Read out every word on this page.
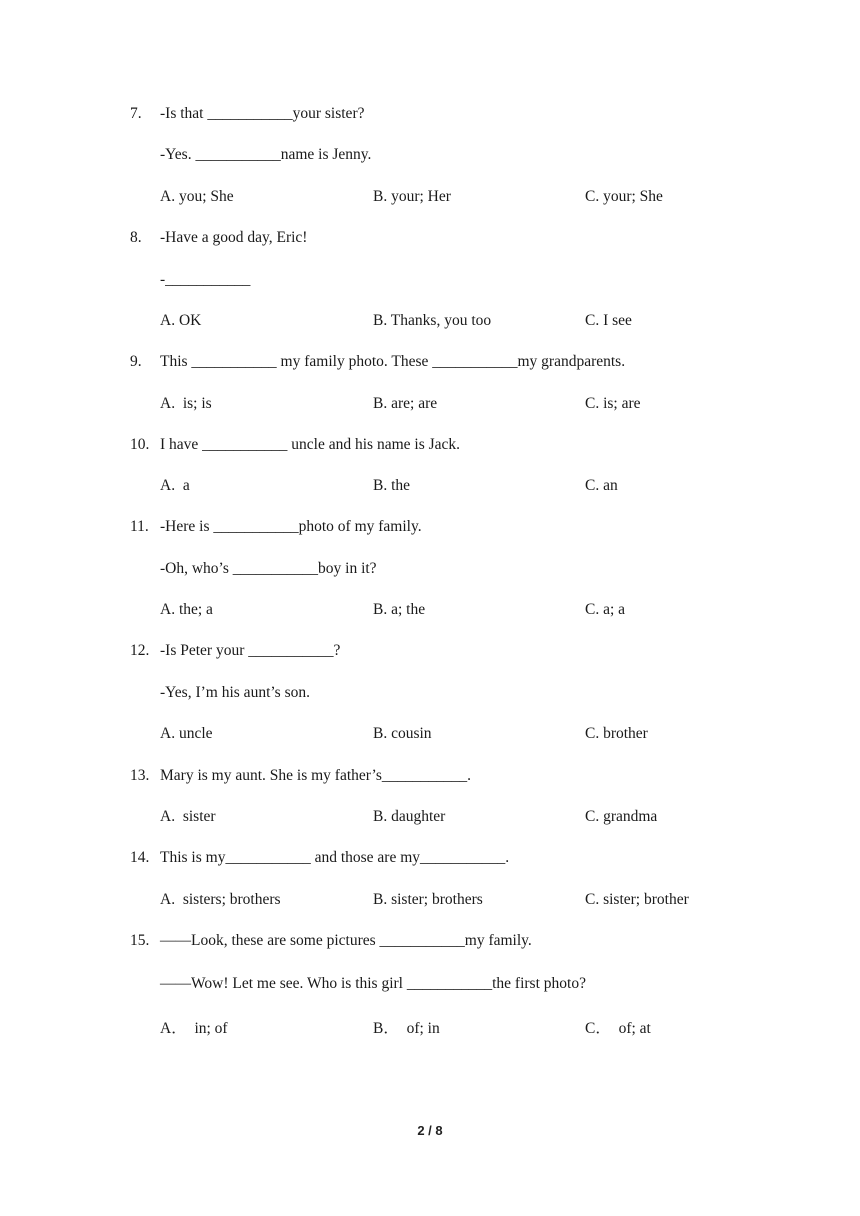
7. -Is that ___________your sister?
-Yes. ___________name is Jenny.
A. you; She	B. your; Her	C. your; She
8. -Have a good day, Eric!
-___________
A. OK	B. Thanks, you too	C. I see
9. This ___________ my family photo. These ___________my grandparents.
A.  is; is	B. are; are	C. is; are
10. I have ___________ uncle and his name is Jack.
A.  a	B. the	C. an
11. -Here is ___________photo of my family.
-Oh, who’s ___________boy in it?
A. the; a	B. a; the	C. a; a
12. -Is Peter your ___________?
-Yes, I’m his aunt’s son.
A. uncle	B. cousin	C. brother
13. Mary is my aunt. She is my father’s___________.
A.  sister	B. daughter	C. grandma
14. This is my___________ and those are my___________.
A.  sisters; brothers	B. sister; brothers	C. sister; brother
15. ——Look, these are some pictures ___________my family.
——Wow! Let me see. Who is this girl ___________the first photo?
A．  in; of	B．  of; in	C．  of; at
2 / 8
